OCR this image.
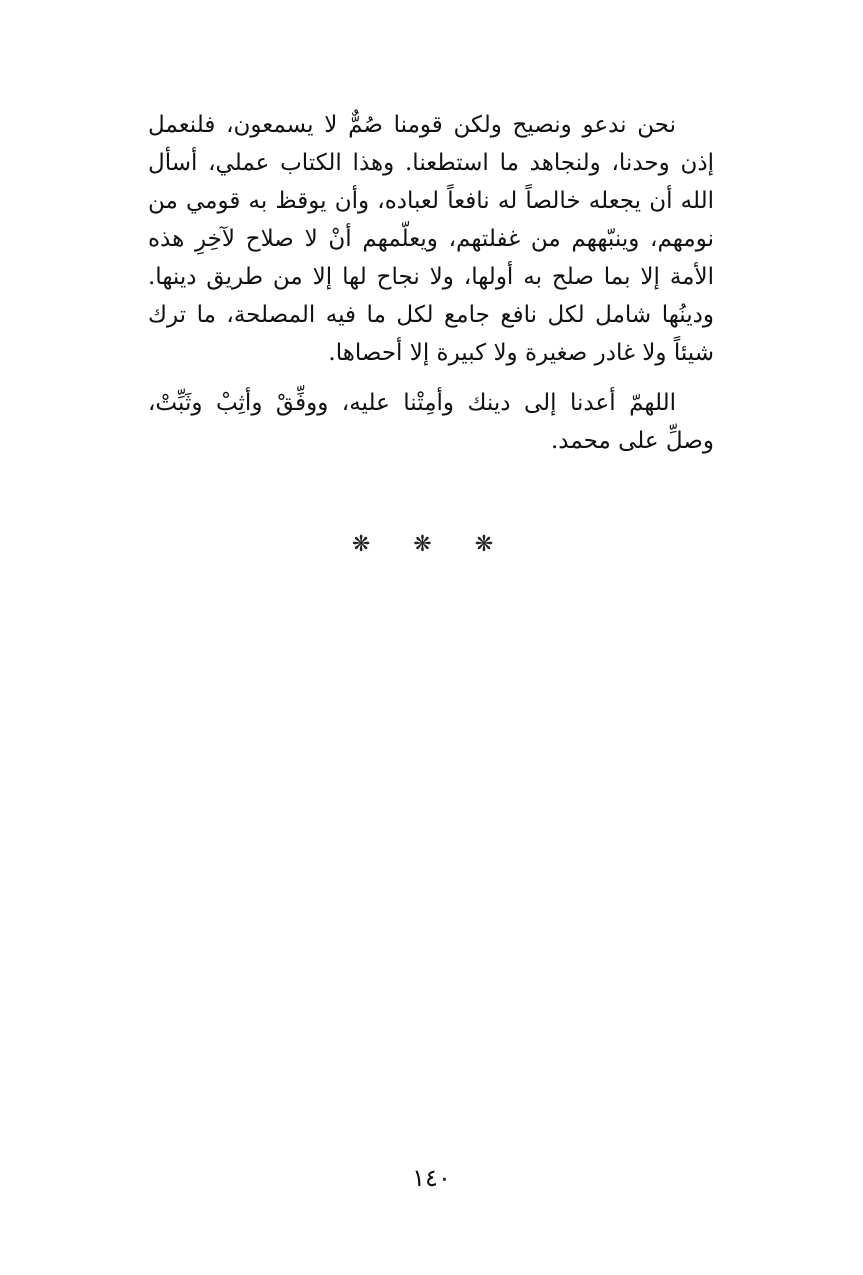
نحن ندعو ونصيح ولكن قومنا صُمٌّ لا يسمعون، فلنعمل إذن وحدنا، ولنجاهد ما استطعنا. وهذا الكتاب عملي، أسأل الله أن يجعله خالصاً له نافعاً لعباده، وأن يوقظ به قومي من نومهم، وينبّههم من غفلتهم، ويعلّمهم أنْ لا صلاح لآخِرِ هذه الأمة إلا بما صلح به أولها، ولا نجاح لها إلا من طريق دينها. ودينُها شامل لكل نافع جامع لكل ما فيه المصلحة، ما ترك شيئاً ولا غادر صغيرة ولا كبيرة إلا أحصاها.

اللهمّ أعدنا إلى دينك وأمِتْنا عليه، ووفِّقْ وأثِبْ وثَبِّتْ، وصلِّ على محمد.

❋ ❋ ❋
١٤٠
